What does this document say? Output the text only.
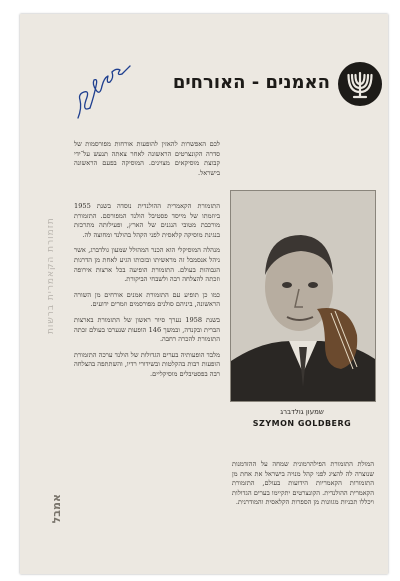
תזמורת הקאמרית ברשות
אמבל
האמנים - האורחים

לכם האפשרות להאזין להופעות אורחות מפורסמות של סדרה הקונצרטים הראשונה לאחר צאתה תנעש על־ידי קבוצת מוסיקאים מצוינים. המוסיקה בפעם הראשונה בישראל.

התזמורת הקאמרית ההולנדית נוסדה בשנת 1955 ביוזמתו של מייסד פסטיבל הולנד המפורסם. התזמורת מורכבת מטובי הנגנים של הארץ, ופעילותה מתרכזת בנגינת מוסיקה קלאסית לפני הקהל בהולנד ומחוצה לה.

מנהלה המוסיקלי הוא הכנר המהולל שמעון גולדברג, אשר ניהל אנסמבל זה מראשיתו ובזכותו הגיע לאחת מן הדרגות הגבוהות בעולם. התזמורת הופיעה בכל ארצות אירופה וזכתה להצלחה רבה ולשבחי הביקורת.

כמו כן תופיע עם התזמורת אמנים אורחים מן השורה הראשונה, ביניהם סולנים מפורסמים וזמרים ידועים.

בשנת 1958 נערך סיור ראשון של התזמורת בארצות הברית ובקנדה, ובמשך 146 הופעות שנערכו בעולם זכתה התזמורת להכרה רחבה.

מלבד הופעותיה בערים הגדולות של הולנד ערכה התזמורת הופעות רבות בהקלטות ובשידורי רדיו, והשתתפה בהצלחה רבה בפסטיבלים מוסיקליים.

שמעון גולדברג
SZYMON GOLDBERG

המולת התזמורת הפילהרמונית שמחה על ההזדמנות שנוצרה לה להציג לפני קהל מנויה בישראל את אחת מן התזמורות הקאמריות הידועות בעולם, התזמורת הקאמרית ההולנדית. הקונצרטים יתקיימו בערים הגדולות ויכללו תכניות מגוונות מן הספרות הקלאסית והמודרנית.
